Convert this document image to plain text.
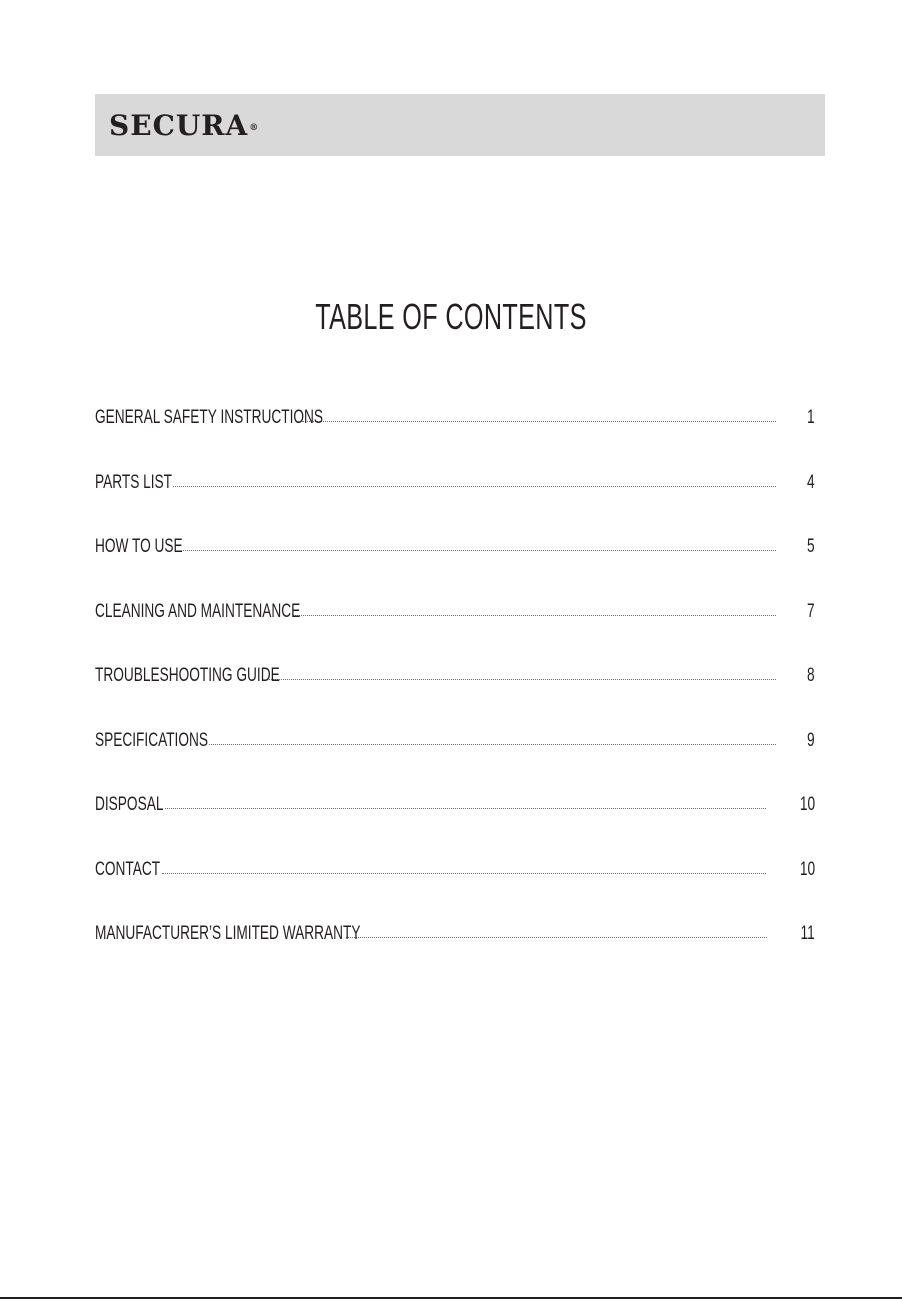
SECURA®
TABLE OF CONTENTS
GENERAL SAFETY INSTRUCTIONS	1
PARTS LIST	4
HOW TO USE	5
CLEANING AND MAINTENANCE	7
TROUBLESHOOTING GUIDE	8
SPECIFICATIONS	9
DISPOSAL	10
CONTACT	10
MANUFACTURER’S LIMITED WARRANTY	11
